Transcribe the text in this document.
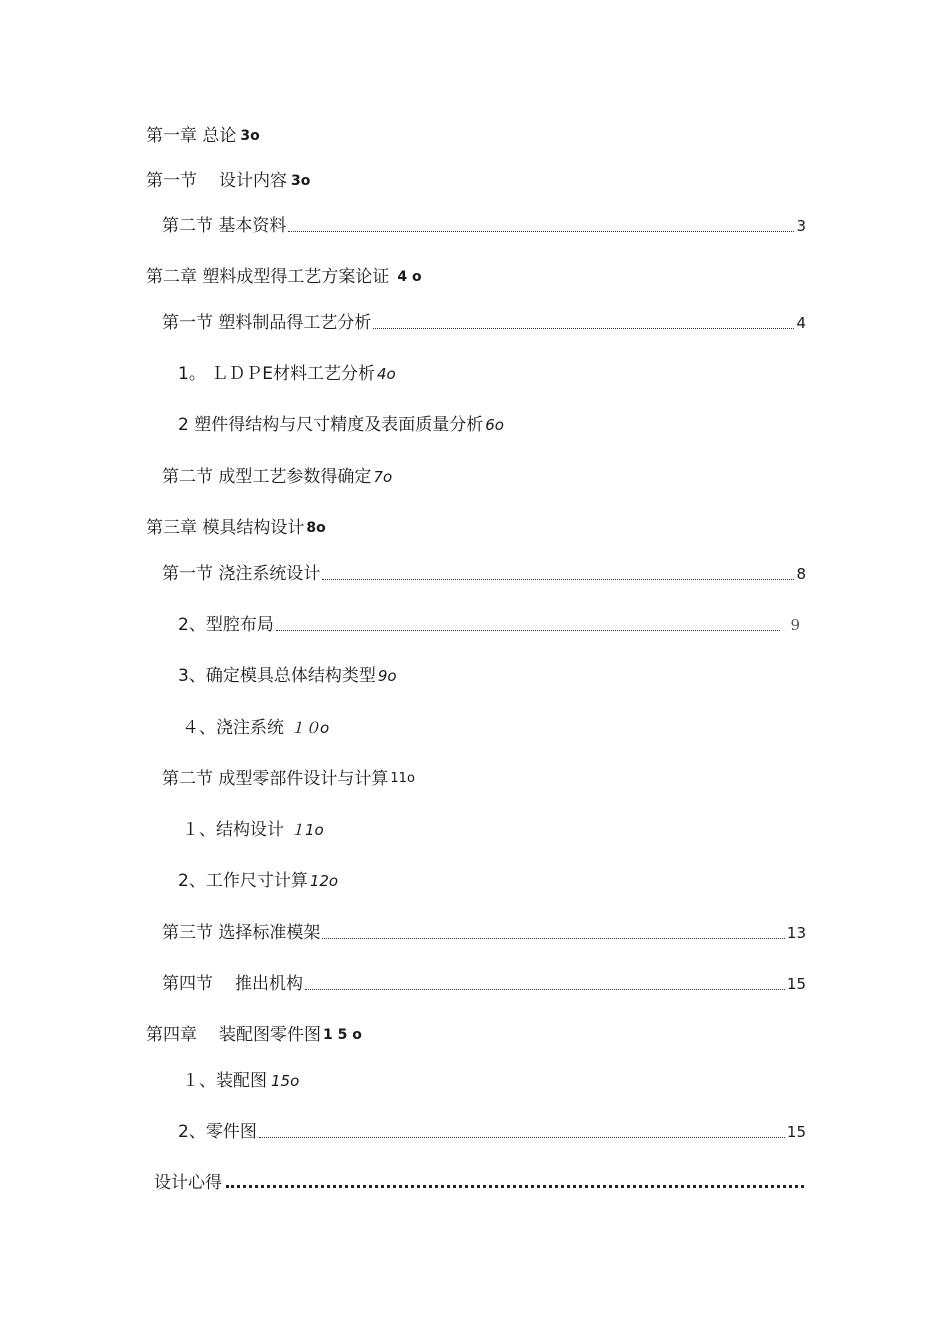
第一章 总论 3o
第一节 设计内容 3o
第二节 基本资料	3
第二章 塑料成型得工艺方案论证 4 o
第一节 塑料制品得工艺分析	4
1。 ＬＤＰE材料工艺分析 4o
2 塑件得结构与尺寸精度及表面质量分析 6o
第二节 成型工艺参数得确定 7o
第三章 模具结构设计 8o
第一节 浇注系统设计	8
2、型腔布局	9
3、确定模具总体结构类型 9o
４、浇注系统 １０o
第二节 成型零部件设计与计算 11o
１、结构设计 １1o
2、工作尺寸计算 12o
第三节 选择标准模架	13
第四节 推出机构	15
第四章 装配图零件图 1 5 o
１、装配图 15o
2、零件图	15
设计心得
